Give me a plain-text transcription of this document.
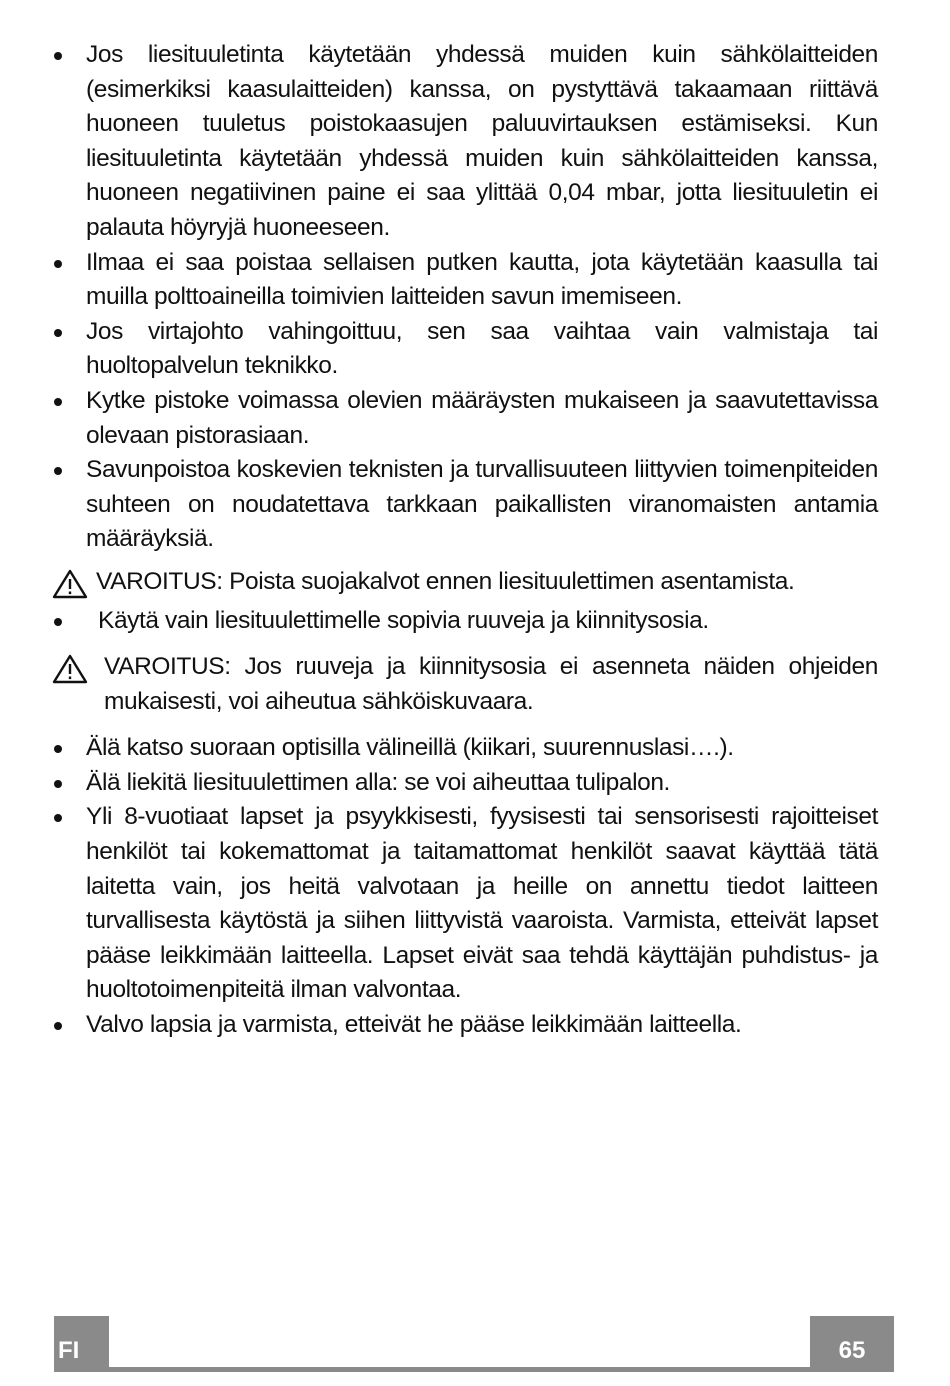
Jos liesituuletinta käytetään yhdessä muiden kuin sähkölaitteiden (esimerkiksi kaasulaitteiden) kanssa, on pystyttävä takaamaan riittävä huoneen tuuletus poistokaasujen paluuvirtauksen estämiseksi. Kun liesituuletinta käytetään yhdessä muiden kuin sähkölaitteiden kanssa, huoneen negatiivinen paine ei saa ylittää 0,04 mbar, jotta liesituuletin ei palauta höyryjä huoneeseen.

Ilmaa ei saa poistaa sellaisen putken kautta, jota käytetään kaasulla tai muilla polttoaineilla toimivien laitteiden savun imemiseen.

Jos virtajohto vahingoittuu, sen saa vaihtaa vain valmistaja tai huoltopalvelun teknikko.

Kytke pistoke voimassa olevien määräysten mukaiseen ja saavutettavissa olevaan pistorasiaan.

Savunpoistoa koskevien teknisten ja turvallisuuteen liittyvien toimenpiteiden suhteen on noudatettava tarkkaan paikallisten viranomaisten antamia määräyksiä.

VAROITUS: Poista suojakalvot ennen liesituulettimen asentamista.

Käytä vain liesituulettimelle sopivia ruuveja ja kiinnitysosia.

VAROITUS: Jos ruuveja ja kiinnitysosia ei asenneta näiden ohjeiden mukaisesti, voi aiheutua sähköiskuvaara.

Älä katso suoraan optisilla välineillä (kiikari, suurennuslasi….).

Älä liekitä liesituulettimen alla: se voi aiheuttaa tulipalon.

Yli 8-vuotiaat lapset ja psyykkisesti, fyysisesti tai sensorisesti rajoitteiset henkilöt tai kokemattomat ja taitamattomat henkilöt saavat käyttää tätä laitetta vain, jos heitä valvotaan ja heille on annettu tiedot laitteen turvallisesta käytöstä ja siihen liittyvistä vaaroista. Varmista, etteivät lapset pääse leikkimään laitteella. Lapset eivät saa tehdä käyttäjän puhdistus- ja huoltotoimenpiteitä ilman valvontaa.

Valvo lapsia ja varmista, etteivät he pääse leikkimään laitteella.

FI	65
